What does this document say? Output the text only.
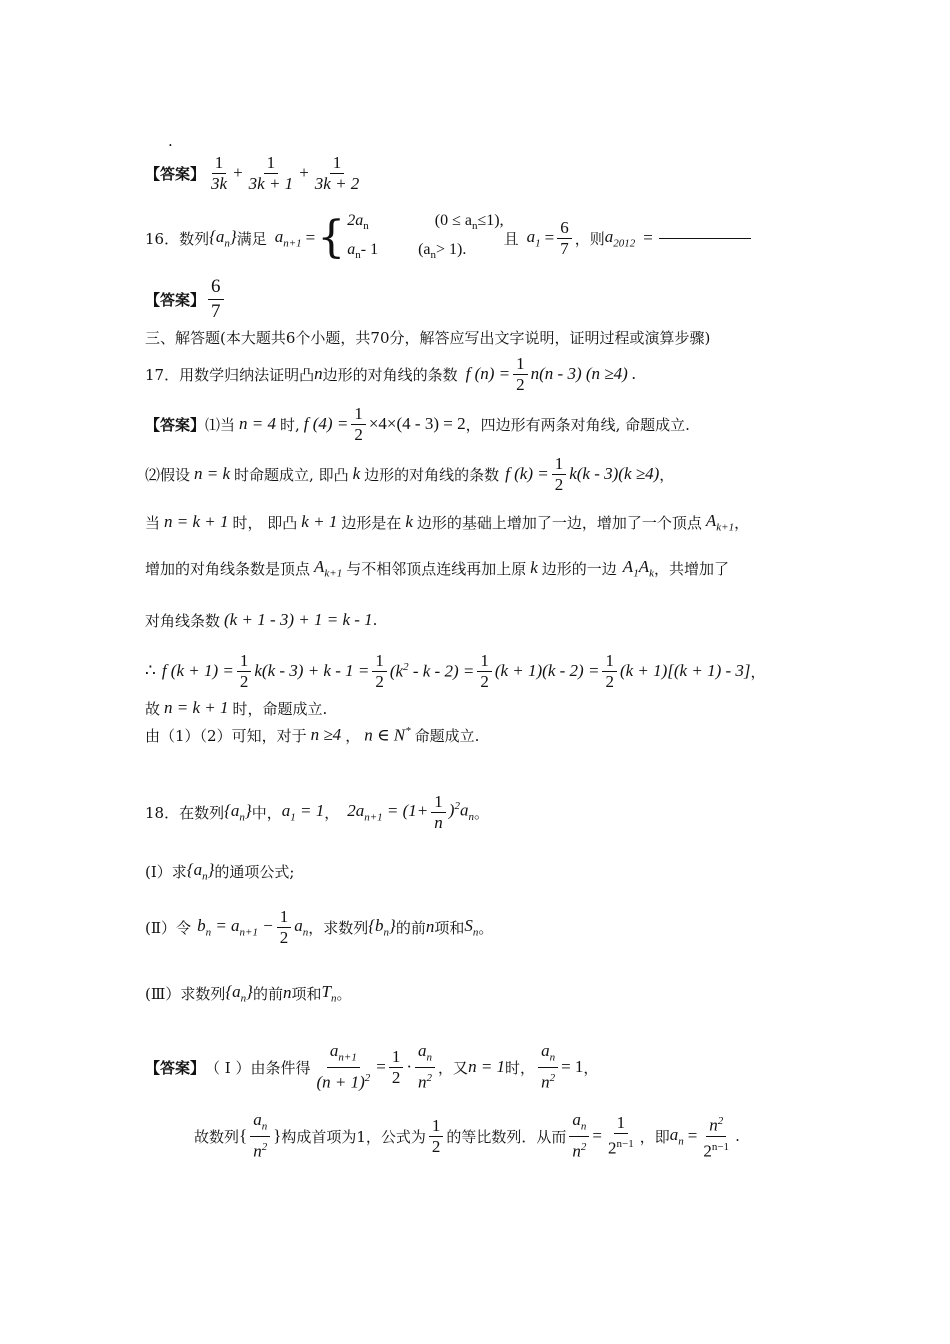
.
【答案】 $\frac{1}{3k} + \frac{1}{3k + 1} + \frac{1}{3k + 2}$
16．数列 $\{a_n\}$ 满足 $a_{n+1}$ = { $2a_n$	$(0 \le a_n\le 1)$,
$a_n-$ 1	$(a_n> 1)$.
且 $a_1 = \frac{6}{7}$ ，则 $a_{2012}$ =
【答案】 $\frac{6}{7}$
三、解答题(本大题共6个小题，共70分，解答应写出文字说明，证明过程或演算步骤)
17．用数学归纳法证明凸 n 边形的对角线的条数 f $(n) = \frac{1}{2} n(n - 3)$ (n ≥4) .
【答案】 ⑴当 n = 4 时, f $(4) = \frac{1}{2} \times 4\times(4 - 3) = 2$ ，四边形有两条对角线, 命题成立.
⑵假设 n = k 时命题成立, 即凸 k 边形的对角线的条数 f $(k) = \frac{1}{2} k(k - 3)(k \ge 4)$ ，
当 n = k + 1 时， 即凸 k + 1 边形是在 k 边形的基础上增加了一边，增加了一个顶点 $A_{k+1}$ ，
增加的对角线条数是顶点 $A_{k+1}$ 与不相邻顶点连线再加上原 k 边形的一边 $A_1A_k$ ，共增加了
对角线条数 (k + 1 - 3) + 1 = k - 1 .
∴ f $(k + 1) = \frac{1}{2} k(k - 3) + k - 1 = \frac{1}{2} (k^2 - k - 2) = \frac{1}{2} (k + 1)(k - 2) = \frac{1}{2} (k + 1)[(k + 1) - 3]$ ，
故 n = k + 1 时，命题成立.
由（1）（2）可知，对于 n ≥4 ， n ∈ N* 命题成立.
18．在数列 $\{a_n\}$ 中， $a_1 = 1$ ， $2a_{n+1} = (1+ \frac{1}{n} )^2a_n$ 。
(I）求 $\{a_n\}$ 的通项公式;
(Ⅱ）令 $b_n = a_{n+1} - \frac{1}{2} a_n$ ，求数列 $\{b_n\}$ 的前 n 项和 $S_n$ 。
(Ⅲ）求数列 $\{a_n\}$ 的前 n 项和 $T_n$ 。
【答案】 （ I ）由条件得 $\frac{a_{n+1}}{(n + 1)^2} = \frac{1}{2} \cdot \frac{a_n}{n^2}$ ，又 n = 1 时， $\frac{a_n}{n^2} = 1$ ，
故数列 { $\frac{a_n}{n^2}$ } 构成首项为1，公式为 $\frac{1}{2}$ 的等比数列．从而 $\frac{a_n}{n^2} = \frac{1}{2^{n-1}}$ ，即 $a_n = \frac{n^2}{2^{n-1}}$ .
